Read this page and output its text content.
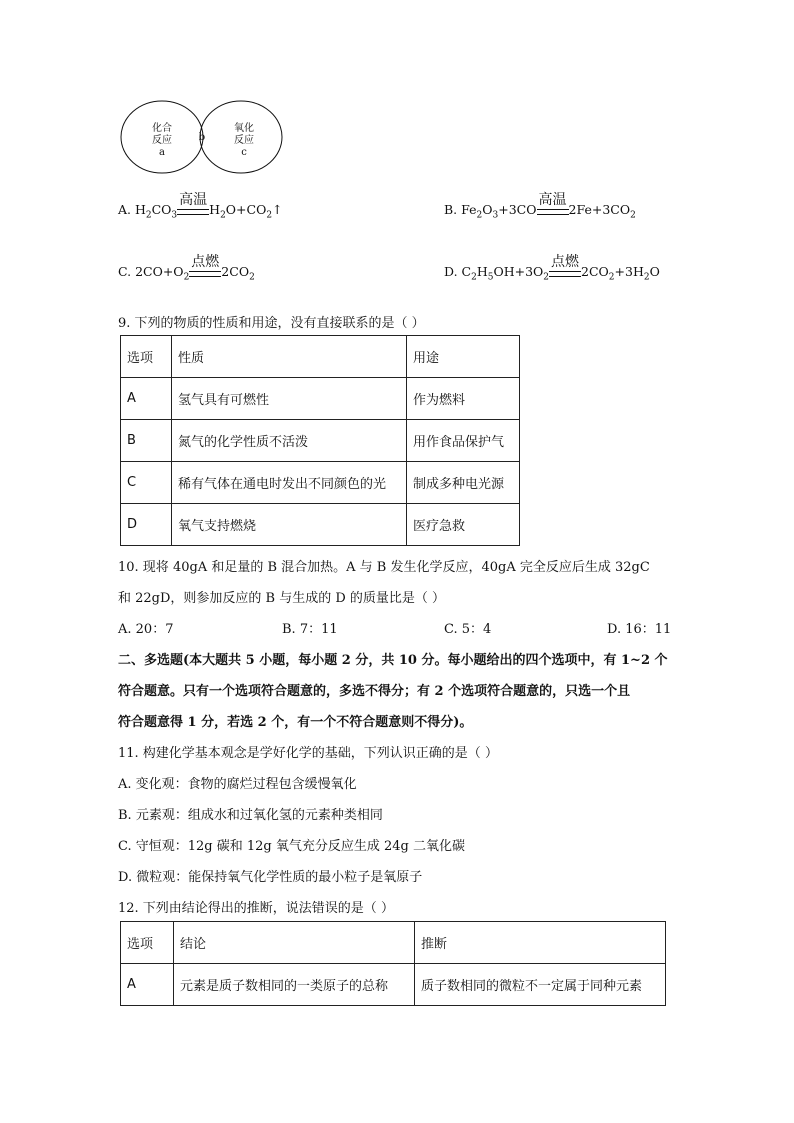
化合
反应
a
b
氧化
反应
c
A. $H_2CO_3$
高温
$H_2O+CO_2↑$	B. $Fe_2O_3+3CO$
高温
$2Fe+3CO_2$
C. $2CO+O_2$
点燃
$2CO_2$	D. $C_2H_5OH+3O_2$
点燃
$2CO_2+3H_2O$
9. 下列的物质的性质和用途，没有直接联系的是（ ）
选项	性质	用途
A	氢气具有可燃性	作为燃料
B	氮气的化学性质不活泼	用作食品保护气
C	稀有气体在通电时发出不同颜色的光	制成多种电光源
D	氧气支持燃烧	医疗急救
10. 现将 40gA 和足量的 B 混合加热。A 与 B 发生化学反应，40gA 完全反应后生成 32gC
和 22gD，则参加反应的 B 与生成的 D 的质量比是（ ）
A. 20：7	B. 7：11	C. 5：4	D. 16：11
二、多选题(本大题共 5 小题，每小题 2 分，共 10 分。每小题给出的四个选项中，有 1~2 个
符合题意。只有一个选项符合题意的，多选不得分；有 2 个选项符合题意的，只选一个且
符合题意得 1 分，若选 2 个，有一个不符合题意则不得分)。
11. 构建化学基本观念是学好化学的基础，下列认识正确的是（ ）
A. 变化观：食物的腐烂过程包含缓慢氧化
B. 元素观：组成水和过氧化氢的元素种类相同
C. 守恒观：12g 碳和 12g 氧气充分反应生成 24g 二氧化碳
D. 微粒观：能保持氧气化学性质的最小粒子是氧原子
12. 下列由结论得出的推断，说法错误的是（ ）
选项	结论	推断
A	元素是质子数相同的一类原子的总称	质子数相同的微粒不一定属于同种元素
